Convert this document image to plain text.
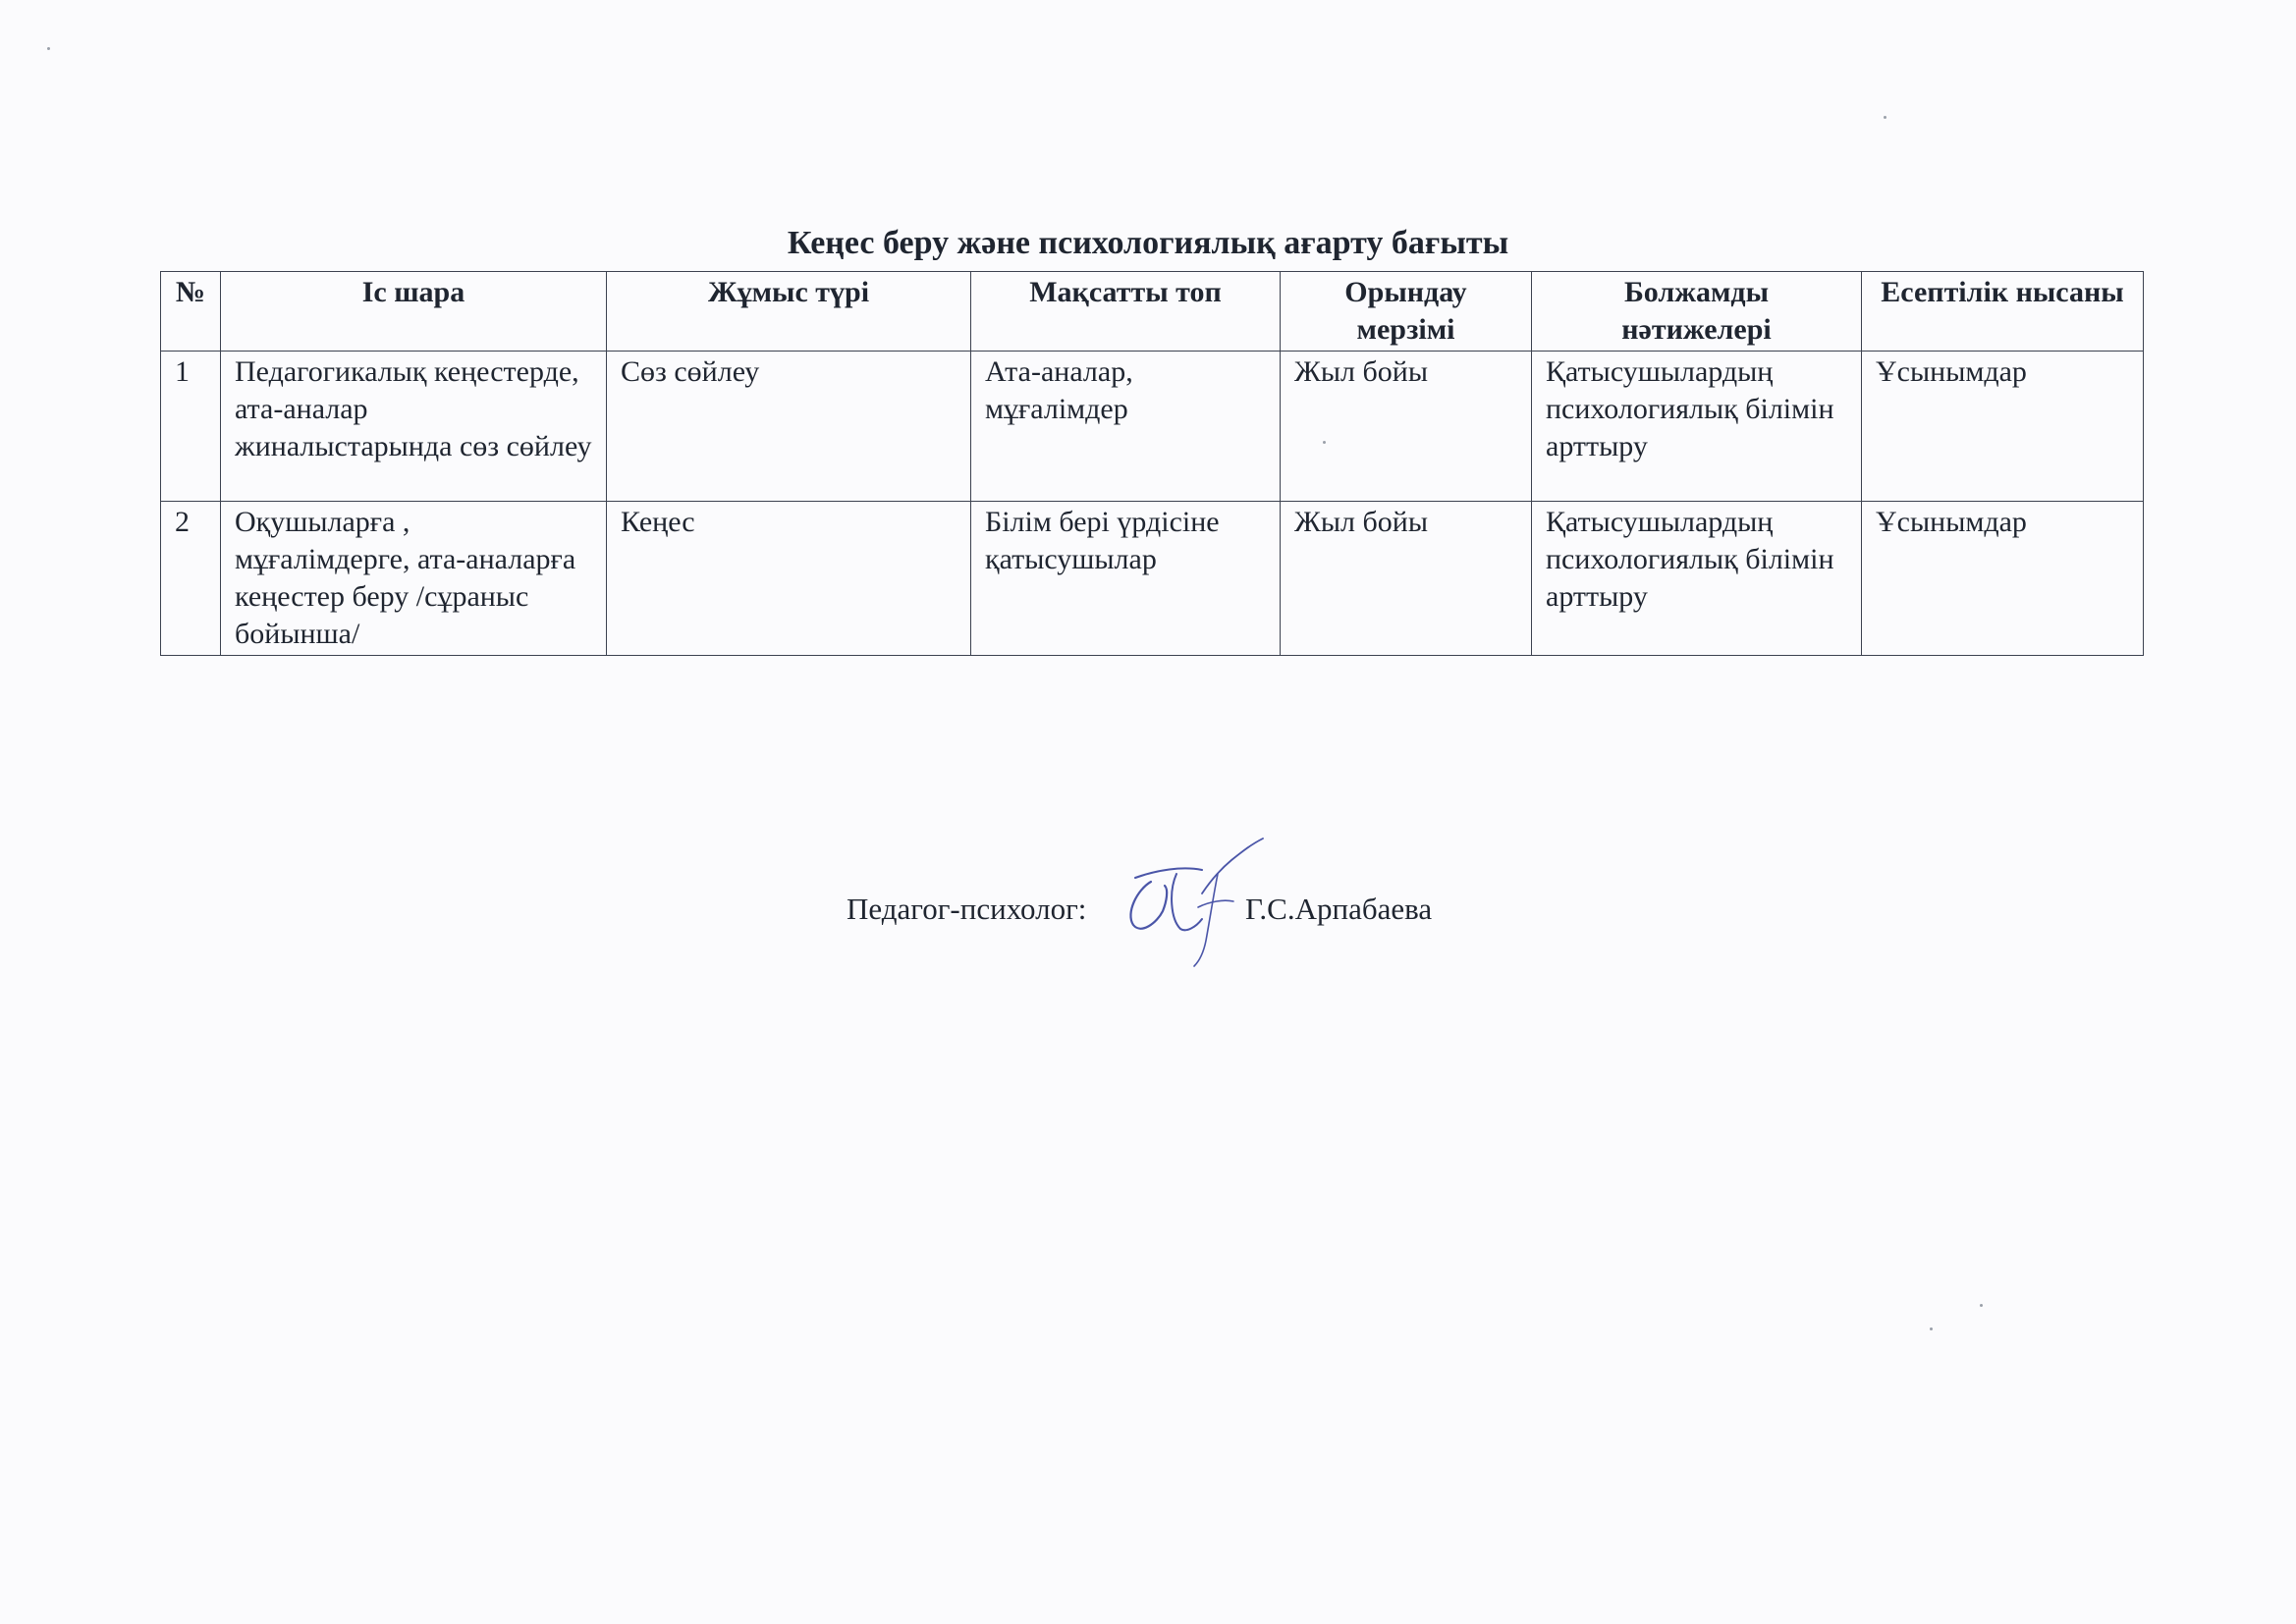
Кеңес беру және психологиялық ағарту бағыты
№	Іс шара	Жұмыс түрі	Мақсатты топ	Орындау мерзімі	Болжамды нәтижелері	Есептілік нысаны
1	Педагогикалық кеңестерде, ата-аналар жиналыстарында сөз сөйлеу	Сөз сөйлеу	Ата-аналар, мұғалімдер	Жыл бойы	Қатысушылардың психологиялық білімін арттыру	Ұсынымдар
2	Оқушыларға , мұғалімдерге, ата-аналарға кеңестер беру /сұраныс бойынша/	Кеңес	Білім бері үрдісіне қатысушылар	Жыл бойы	Қатысушылардың психологиялық білімін арттыру	Ұсынымдар
Педагог-психолог:	Г.С.Арпабаева
